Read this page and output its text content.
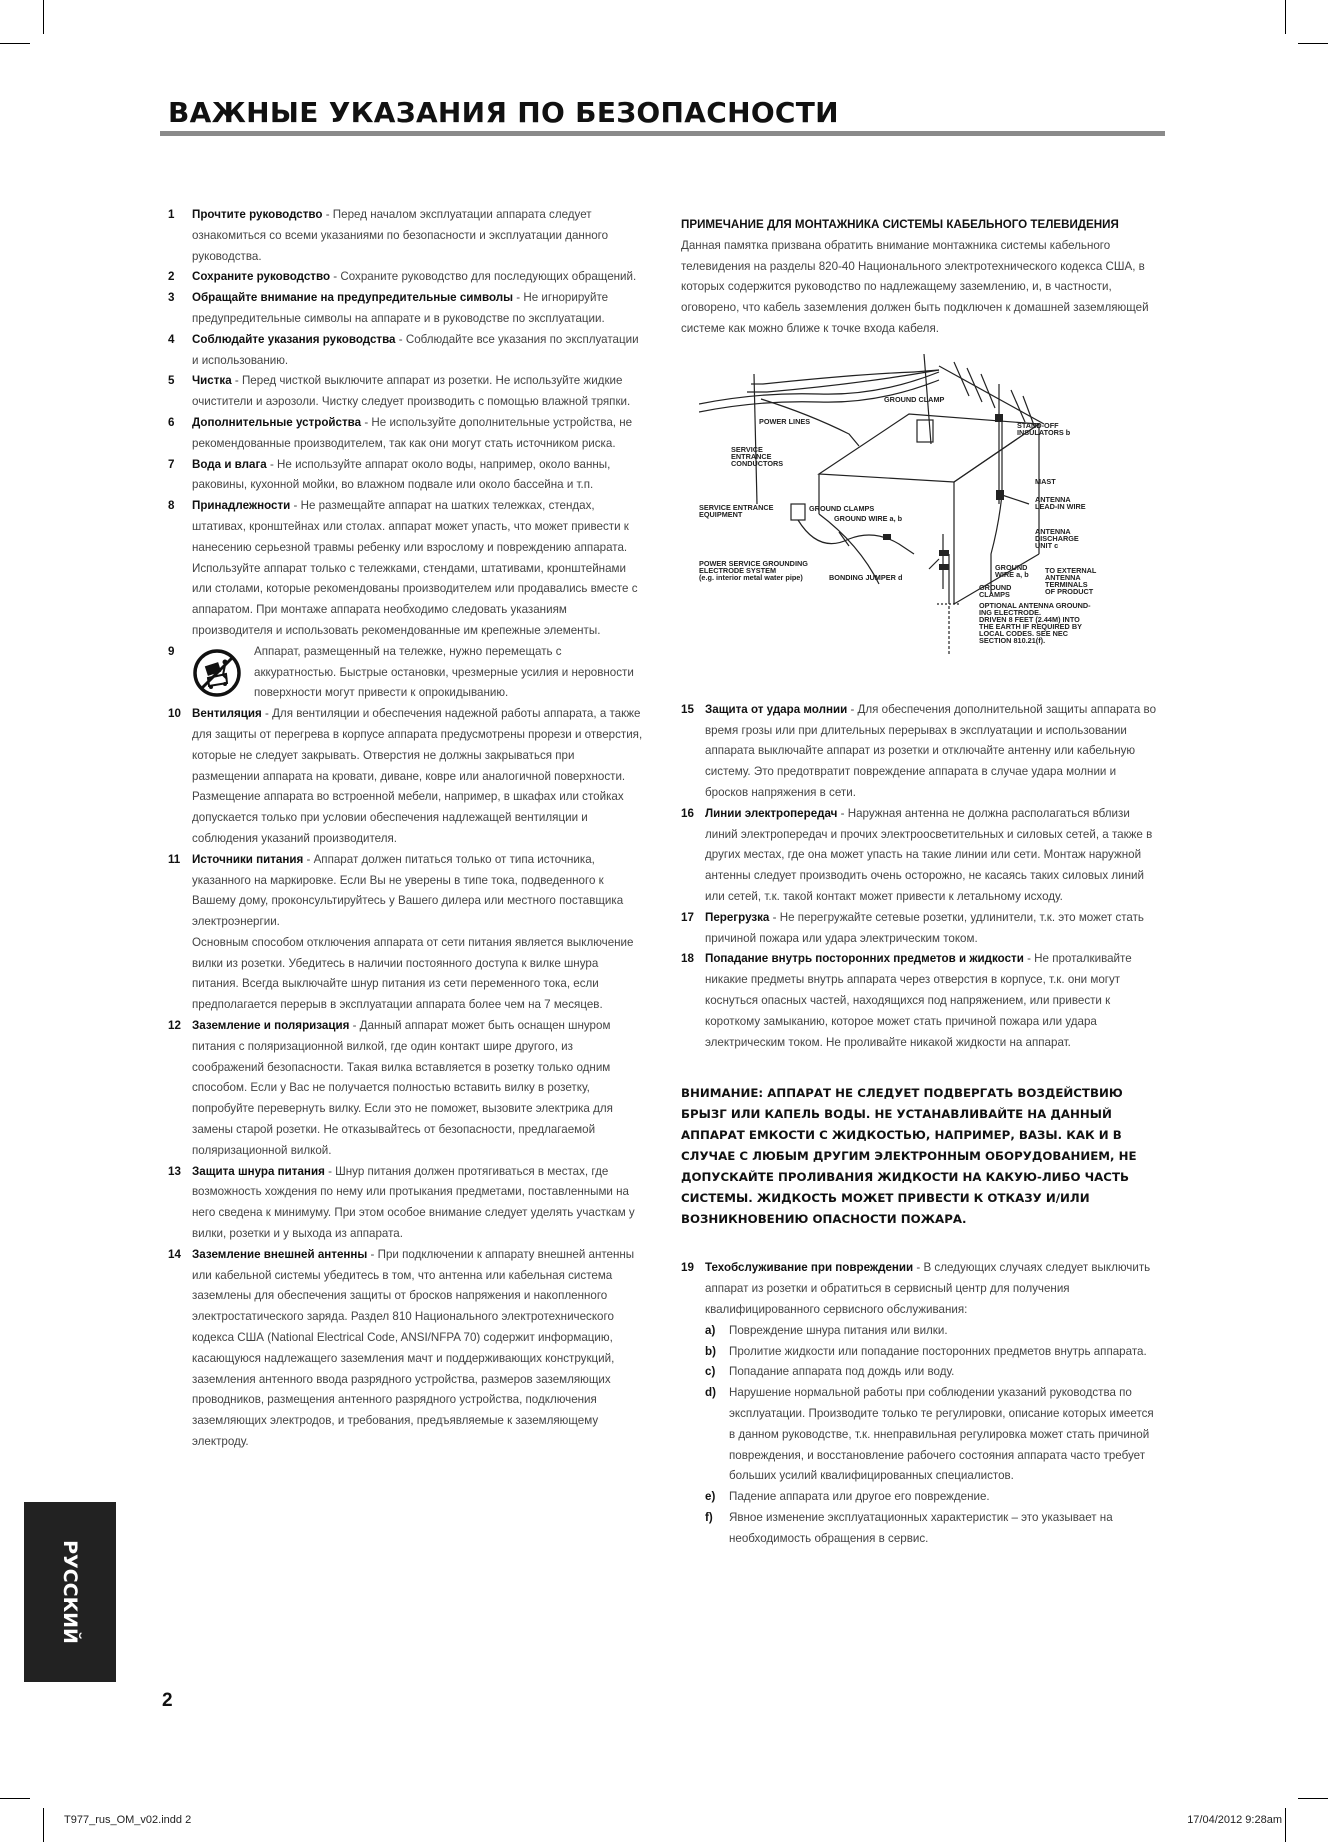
ВАЖНЫЕ УКАЗАНИЯ ПО БЕЗОПАСНОСТИ

1 Прочтите руководство - Перед началом эксплуатации аппарата следует ознакомиться со всеми указаниями по безопасности и эксплуатации данного руководства.

2 Сохраните руководство - Сохраните руководство для последующих обращений.

3 Обращайте внимание на предупредительные символы - Не игнорируйте предупредительные символы на аппарате и в руководстве по эксплуатации.

4 Соблюдайте указания руководства - Соблюдайте все указания по эксплуатации и использованию.

5 Чистка - Перед чисткой выключите аппарат из розетки. Не используйте жидкие очистители и аэрозоли. Чистку следует производить с помощью влажной тряпки.

6 Дополнительные устройства - Не используйте дополнительные устройства, не рекомендованные производителем, так как они могут стать источником риска.

7 Вода и влага - Не используйте аппарат около воды, например, около ванны, раковины, кухонной мойки, во влажном подвале или около бассейна и т.п.

8 Принадлежности - Не размещайте аппарат на шатких тележках, стендах, штативах, кронштейнах или столах. аппарат может упасть, что может привести к нанесению серьезной травмы ребенку или взрослому и повреждению аппарата. Используйте аппарат только с тележками, стендами, штативами, кронштейнами или столами, которые рекомендованы производителем или продавались вместе с аппаратом. При монтаже аппарата необходимо следовать указаниям производителя и использовать рекомендованные им крепежные элементы.

9	Аппарат, размещенный на тележке, нужно перемещать с аккуратностью. Быстрые остановки, чрезмерные усилия и неровности поверхности могут привести к опрокидыванию.

10 Вентиляция - Для вентиляции и обеспечения надежной работы аппарата, а также для защиты от перегрева в корпусе аппарата предусмотрены прорези и отверстия, которые не следует закрывать. Отверстия не должны закрываться при размещении аппарата на кровати, диване, ковре или аналогичной поверхности. Размещение аппарата во встроенной мебели, например, в шкафах или стойках допускается только при условии обеспечения надлежащей вентиляции и соблюдения указаний производителя.

11 Источники питания - Аппарат должен питаться только от типа источника, указанного на маркировке. Если Вы не уверены в типе тока, подведенного к Вашему дому, проконсультируйтесь у Вашего дилера или местного поставщика электроэнергии.
Основным способом отключения аппарата от сети питания является выключение вилки из розетки. Убедитесь в наличии постоянного доступа к вилке шнура питания. Всегда выключайте шнур питания из сети переменного тока, если предполагается перерыв в эксплуатации аппарата более чем на 7 месяцев.

12 Заземление и поляризация - Данный аппарат может быть оснащен шнуром питания с поляризационной вилкой, где один контакт шире другого, из соображений безопасности. Такая вилка вставляется в розетку только одним способом. Если у Вас не получается полностью вставить вилку в розетку, попробуйте перевернуть вилку. Если это не поможет, вызовите электрика для замены старой розетки. Не отказывайтесь от безопасности, предлагаемой поляризационной вилкой.

13 Защита шнура питания - Шнур питания должен протягиваться в местах, где возможность хождения по нему или протыкания предметами, поставленными на него сведена к минимуму. При этом особое внимание следует уделять участкам у вилки, розетки и у выхода из аппарата.

14 Заземление внешней антенны - При подключении к аппарату внешней антенны или кабельной системы убедитесь в том, что антенна или кабельная система заземлены для обеспечения защиты от бросков напряжения и накопленного электростатического заряда. Раздел 810 Национального электротехнического кодекса США (National Electrical Code, ANSI/NFPA 70) содержит информацию, касающуюся надлежащего заземления мачт и поддерживающих конструкций, заземления антенного ввода разрядного устройства, размеров заземляющих проводников, размещения антенного разрядного устройства, подключения заземляющих электродов, и требования, предъявляемые к заземляющему электроду.

ПРИМЕЧАНИЕ ДЛЯ МОНТАЖНИКА СИСТЕМЫ КАБЕЛЬНОГО ТЕЛЕВИДЕНИЯ

Данная памятка призвана обратить внимание монтажника системы кабельного телевидения на разделы 820-40 Национального электротехнического кодекса США, в которых содержится руководство по надлежащему заземлению, и, в частности, оговорено, что кабель заземления должен быть подключен к домашней заземляющей системе как можно ближе к точке входа кабеля.

GROUND CLAMP
POWER LINES	STAND-OFF
INSULATORS b
SERVICE
ENTRANCE
CONDUCTORS
MAST
ANTENNA
LEAD-IN WIRE
SERVICE ENTRANCE
EQUIPMENT
GROUND CLAMPS
GROUND WIRE a, b
ANTENNA
DISCHARGE
UNIT c
POWER SERVICE GROUNDING
ELECTRODE SYSTEM
(e.g. interior metal water pipe)	BONDING JUMPER d
GROUND
WIRE a, b
GROUND
CLAMPS
TO EXTERNAL
ANTENNA
TERMINALS
OF PRODUCT
OPTIONAL ANTENNA GROUND-
ING ELECTRODE.
DRIVEN 8 FEET (2.44M) INTO
THE EARTH IF REQUIRED BY
LOCAL CODES. SEE NEC
SECTION 810.21(f).

15 Защита от удара молнии - Для обеспечения дополнительной защиты аппарата во время грозы или при длительных перерывах в эксплуатации и использовании аппарата выключайте аппарат из розетки и отключайте антенну или кабельную систему. Это предотвратит повреждение аппарата в случае удара молнии и бросков напряжения в сети.

16 Линии электропередач - Наружная антенна не должна располагаться вблизи линий электропередач и прочих электроосветительных и силовых сетей, а также в других местах, где она может упасть на такие линии или сети. Монтаж наружной антенны следует производить очень осторожно, не касаясь таких силовых линий или сетей, т.к. такой контакт может привести к летальному исходу.

17 Перегрузка - Не перегружайте сетевые розетки, удлинители, т.к. это может стать причиной пожара или удара электрическим током.

18 Попадание внутрь посторонних предметов и жидкости - Не проталкивайте никакие предметы внутрь аппарата через отверстия в корпусе, т.к. они могут коснуться опасных частей, находящихся под напряжением, или привести к короткому замыканию, которое может стать причиной пожара или удара электрическим током. Не проливайте никакой жидкости на аппарат.

ВНИМАНИЕ: АППАРАТ НЕ СЛЕДУЕТ ПОДВЕРГАТЬ ВОЗДЕЙСТВИЮ БРЫЗГ ИЛИ КАПЕЛЬ ВОДЫ. НЕ УСТАНАВЛИВАЙТЕ НА ДАННЫЙ АППАРАТ ЕМКОСТИ С ЖИДКОСТЬЮ, НАПРИМЕР, ВАЗЫ. КАК И В СЛУЧАЕ С ЛЮБЫМ ДРУГИМ ЭЛЕКТРОННЫМ ОБОРУДОВАНИЕМ, НЕ ДОПУСКАЙТЕ ПРОЛИВАНИЯ ЖИДКОСТИ НА КАКУЮ-ЛИБО ЧАСТЬ СИСТЕМЫ. ЖИДКОСТЬ МОЖЕТ ПРИВЕСТИ К ОТКАЗУ И/ИЛИ ВОЗНИКНОВЕНИЮ ОПАСНОСТИ ПОЖАРА.

19 Техобслуживание при повреждении - В следующих случаях следует выключить аппарат из розетки и обратиться в сервисный центр для получения квалифицированного сервисного обслуживания:

a) Повреждение шнура питания или вилки.

b) Пролитие жидкости или попадание посторонних предметов внутрь аппарата.

c) Попадание аппарата под дождь или воду.

d) Нарушение нормальной работы при соблюдении указаний руководства по эксплуатации. Производите только те регулировки, описание которых имеется в данном руководстве, т.к. ннеправильная регулировка может стать причиной повреждения, и восстановление рабочего состояния аппарата часто требует больших усилий квалифицированных специалистов.

e) Падение аппарата или другое его повреждение.

f) Явное изменение эксплуатационных характеристик – это указывает на необходимость обращения в сервис.

РУССКИЙ
2
T977_rus_OM_v02.indd 2	17/04/2012 9:28am
